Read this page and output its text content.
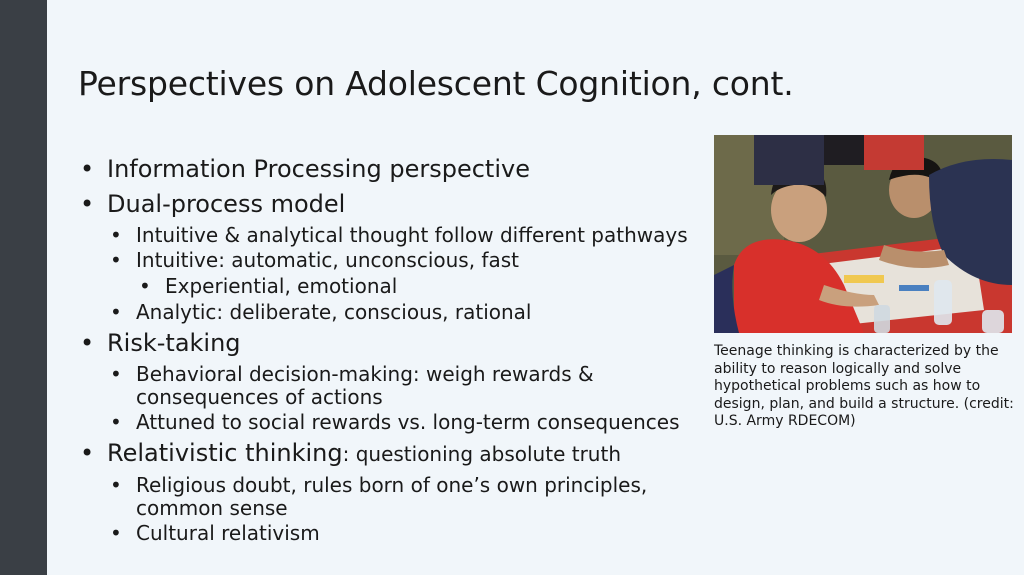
Perspectives on Adolescent Cognition, cont.
• Information Processing perspective
• Dual-process model
• Intuitive & analytical thought follow different pathways
• Intuitive: automatic, unconscious, fast
• Experiential, emotional
• Analytic: deliberate, conscious, rational
• Risk-taking
• Behavioral decision-making: weigh rewards & consequences of actions
• Attuned to social rewards vs. long-term consequences
• Relativistic thinking: questioning absolute truth
• Religious doubt, rules born of one’s own principles, common sense
• Cultural relativism

Teenage thinking is characterized by the ability to reason logically and solve hypothetical problems such as how to design, plan, and build a structure. (credit: U.S. Army RDECOM)
